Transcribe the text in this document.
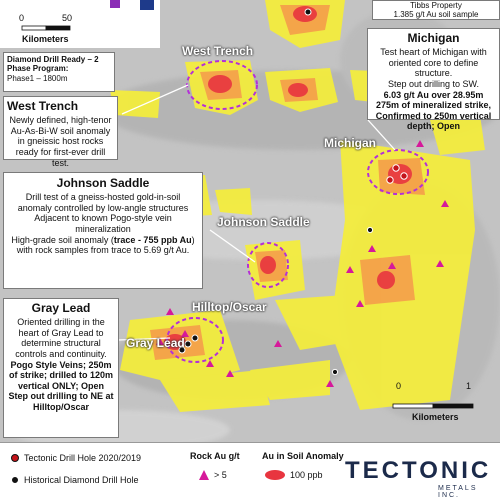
0	50
Kilometers
Tibbs Property
1.385 g/t Au soil sample
Diamond Drill Ready – 2 Phase Program:
Phase1 – 1800m
West Trench
Newly defined, high-tenor Au-As-Bi-W soil anomaly in gneissic host rocks ready for first-ever drill test.
Michigan
Test heart of Michigan with oriented core to define structure.
Step out drilling to SW.
6.03 g/t Au over 28.95m
275m of mineralized strike, Confirmed to 250m vertical depth; Open
Johnson Saddle
Drill test of a gneiss-hosted gold-in-soil anomaly controlled by low-angle structures
Adjacent to known Pogo-style vein mineralization
High-grade soil anomaly (trace - 755 ppb Au) with rock samples from trace to 5.69 g/t Au.
Gray Lead
Oriented drilling in the heart of Gray Lead to determine structural controls and continuity.
Pogo Style Veins; 250m of strike; drilled to 120m vertical ONLY; Open
Step out drilling to NE at Hilltop/Oscar
West Trench
Michigan
Johnson Saddle
Hilltop/Oscar
Gray Lead
0	1
Kilometers
Tectonic Drill Hole 2020/2019
Historical Diamond Drill Hole
Rock Au g/t
> 5
Au in Soil Anomaly
100 ppb TECTONIC
METALS INC.
